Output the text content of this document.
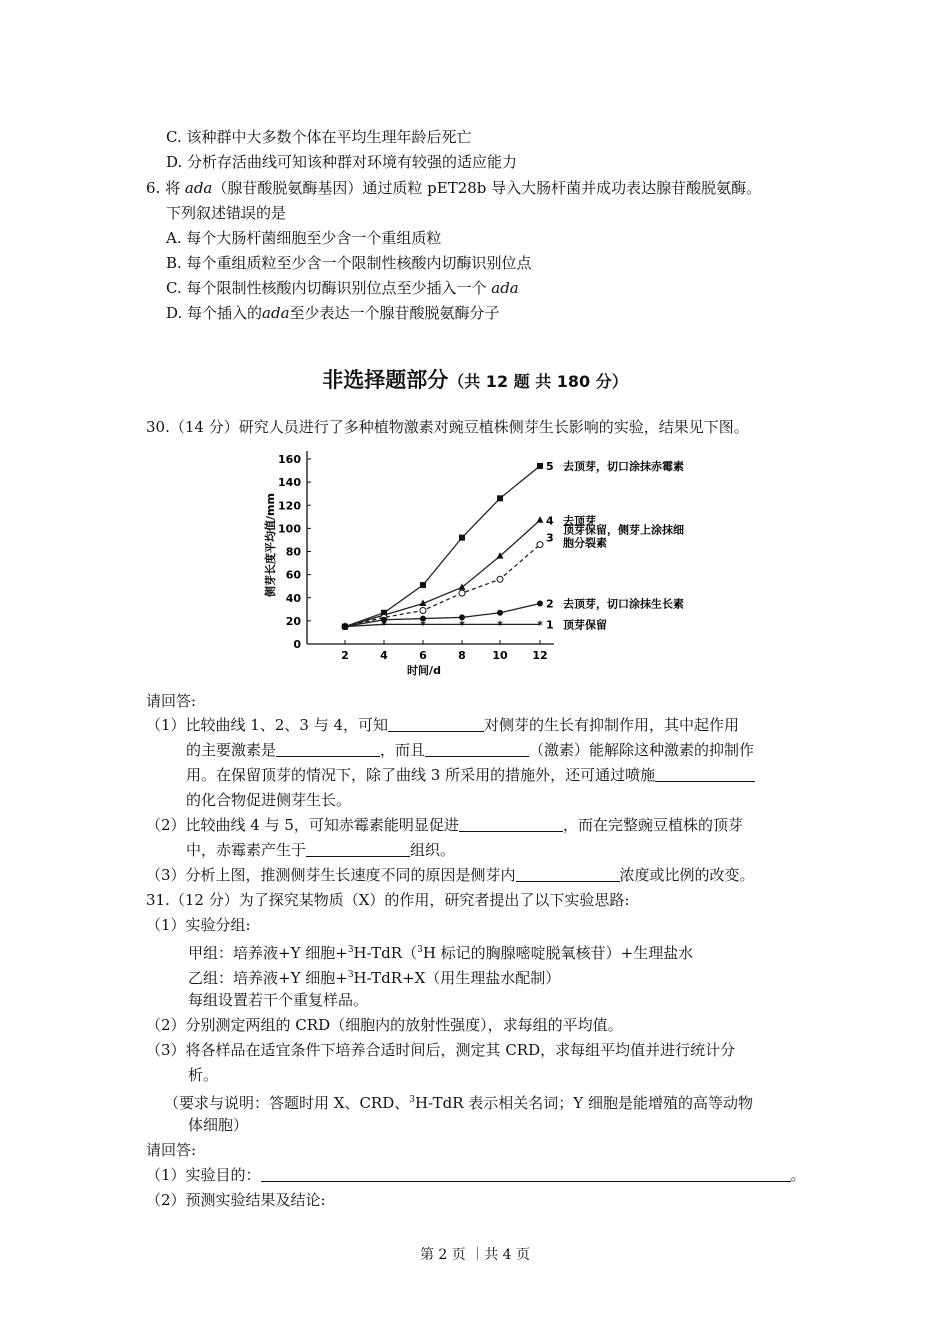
C. 该种群中大多数个体在平均生理年龄后死亡
D. 分析存活曲线可知该种群对环境有较强的适应能力
6. 将 ada（腺苷酸脱氨酶基因）通过质粒 pET28b 导入大肠杆菌并成功表达腺苷酸脱氨酶。
下列叙述错误 ·的是
A. 每个大肠杆菌细胞至少含一个重组质粒
B. 每个重组质粒至少含一个限制性核酸内切酶识别位点
C. 每个限制性核酸内切酶识别位点至少插入一个 ada
D. 每个插入的ada至少表达一个腺苷酸脱氨酶分子
非选择题部分（共 12 题 共 180 分）
30.（14 分）研究人员进行了多种植物激素对豌豆植株侧芽生长影响的实验，结果见下图。
0
20
40
60
80
100
120
140
160
2	4	6	8 10 12
时间/d
侧芽长度平均值/mm
5 去顶芽，切口涂抹赤霉素
4 去顶芽
3
顶芽保留，侧芽上涂抹细胞分裂素
2 去顶芽，切口涂抹生长素
*	*	*	*	*	* 1 顶芽保留
请回答:
（1）比较曲线 1、2、3 与 4，可知	对侧芽的生长有抑制作用，其中起作用
的主要激素是	，而且	（激素）能解除这种激素的抑制作
用。在保留顶芽的情况下，除了曲线 3 所采用的措施外，还可通过喷施
的化合物促进侧芽生长。
（2）比较曲线 4 与 5，可知赤霉素能明显促进	，而在完整豌豆植株的顶芽
中，赤霉素产生于	组织。
（3）分析上图，推测侧芽生长速度不同的原因是侧芽内	浓度或比例的改变。
31.（12 分）为了探究某物质（X）的作用，研究者提出了以下实验思路:
（1）实验分组:
甲组：培养液+Y 细胞+$^3$H-TdR（$^3$H 标记的胸腺嘧啶脱氧核苷）+生理盐水
乙组：培养液+Y 细胞+$^3$H-TdR+X（用生理盐水配制）
每组设置若干个重复样品。
（2）分别测定两组的 CRD（细胞内的放射性强度），求每组的平均值。
（3）将各样品在适宜条件下培养合适时间后，测定其 CRD，求每组平均值并进行统计分
析。
（要求与说明：答题时用 X、CRD、$^3$H-TdR 表示相关名词；Y 细胞是能增殖的高等动物
体细胞）
请回答:
（1）实验目的：	。
（2）预测实验结果及结论:
第 2 页 ｜共 4 页
